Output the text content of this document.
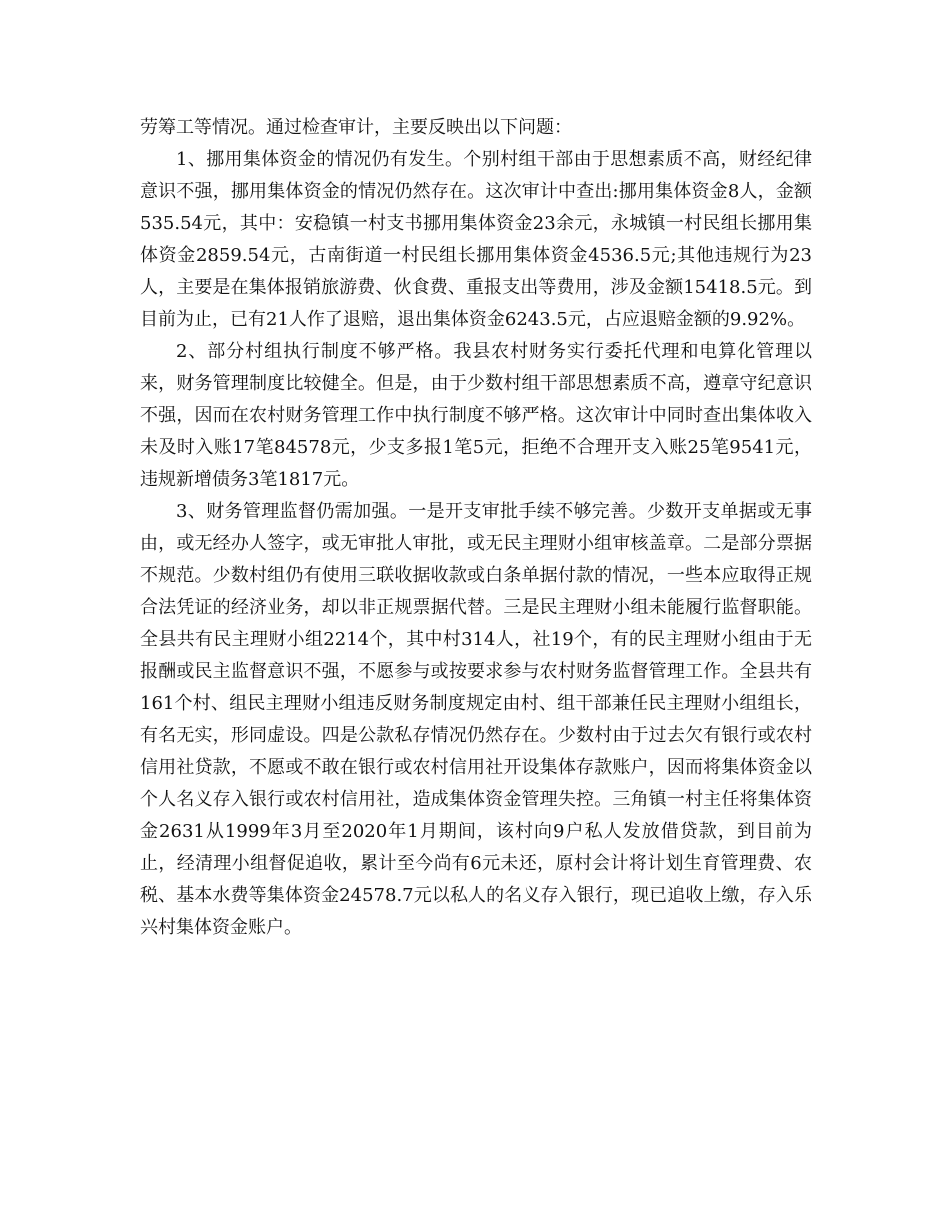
劳筹工等情况。通过检查审计，主要反映出以下问题：

1、挪用集体资金的情况仍有发生。个别村组干部由于思想素质不高，财经纪律意识不强，挪用集体资金的情况仍然存在。这次审计中查出:挪用集体资金8人，金额535.54元，其中：安稳镇一村支书挪用集体资金23余元，永城镇一村民组长挪用集体资金2859.54元，古南街道一村民组长挪用集体资金4536.5元;其他违规行为23人，主要是在集体报销旅游费、伙食费、重报支出等费用，涉及金额15418.5元。到目前为止，已有21人作了退赔，退出集体资金6243.5元，占应退赔金额的9.92%。

2、部分村组执行制度不够严格。我县农村财务实行委托代理和电算化管理以来，财务管理制度比较健全。但是，由于少数村组干部思想素质不高，遵章守纪意识不强，因而在农村财务管理工作中执行制度不够严格。这次审计中同时查出集体收入未及时入账17笔84578元，少支多报1笔5元，拒绝不合理开支入账25笔9541元，违规新增债务3笔1817元。

3、财务管理监督仍需加强。一是开支审批手续不够完善。少数开支单据或无事由，或无经办人签字，或无审批人审批，或无民主理财小组审核盖章。二是部分票据不规范。少数村组仍有使用三联收据收款或白条单据付款的情况，一些本应取得正规合法凭证的经济业务，却以非正规票据代替。三是民主理财小组未能履行监督职能。全县共有民主理财小组2214个，其中村314人，社19个，有的民主理财小组由于无报酬或民主监督意识不强，不愿参与或按要求参与农村财务监督管理工作。全县共有161个村、组民主理财小组违反财务制度规定由村、组干部兼任民主理财小组组长，有名无实，形同虚设。四是公款私存情况仍然存在。少数村由于过去欠有银行或农村信用社贷款，不愿或不敢在银行或农村信用社开设集体存款账户，因而将集体资金以个人名义存入银行或农村信用社，造成集体资金管理失控。三角镇一村主任将集体资金2631从1999年3月至2020年1月期间，该村向9户私人发放借贷款，到目前为止，经清理小组督促追收，累计至今尚有6元未还，原村会计将计划生育管理费、农税、基本水费等集体资金24578.7元以私人的名义存入银行，现已追收上缴，存入乐兴村集体资金账户。
